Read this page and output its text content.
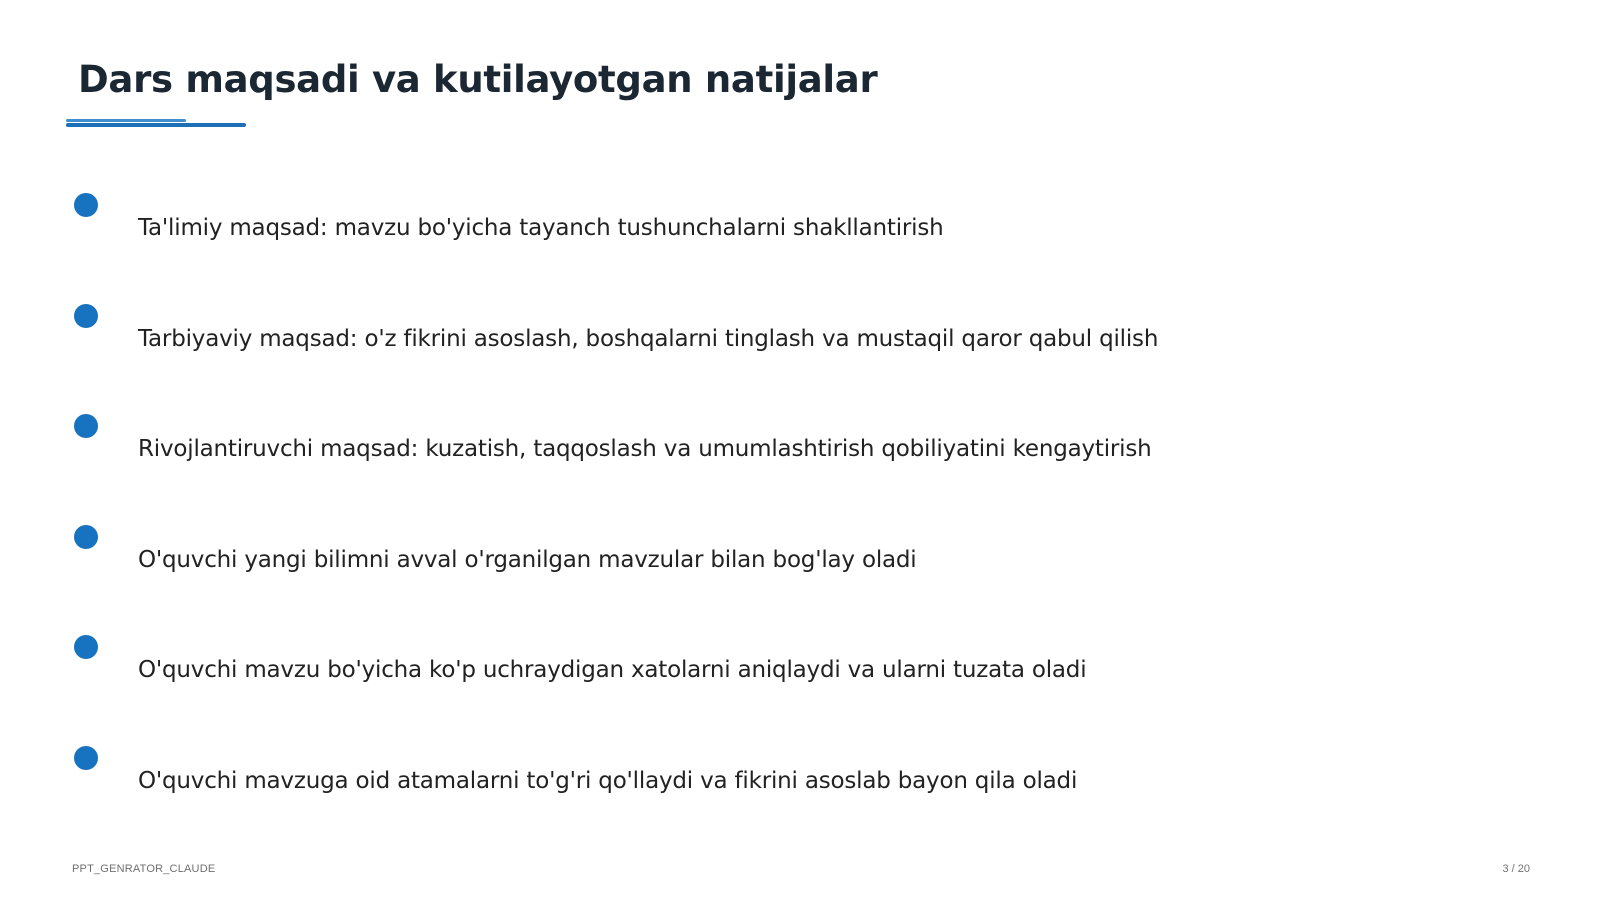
Dars maqsadi va kutilayotgan natijalar
Ta'limiy maqsad: mavzu bo'yicha tayanch tushunchalarni shakllantirish
Tarbiyaviy maqsad: o'z fikrini asoslash, boshqalarni tinglash va mustaqil qaror qabul qilish
Rivojlantiruvchi maqsad: kuzatish, taqqoslash va umumlashtirish qobiliyatini kengaytirish
O'quvchi yangi bilimni avval o'rganilgan mavzular bilan bog'lay oladi
O'quvchi mavzu bo'yicha ko'p uchraydigan xatolarni aniqlaydi va ularni tuzata oladi
O'quvchi mavzuga oid atamalarni to'g'ri qo'llaydi va fikrini asoslab bayon qila oladi
PPT_GENRATOR_CLAUDE	3 / 20
